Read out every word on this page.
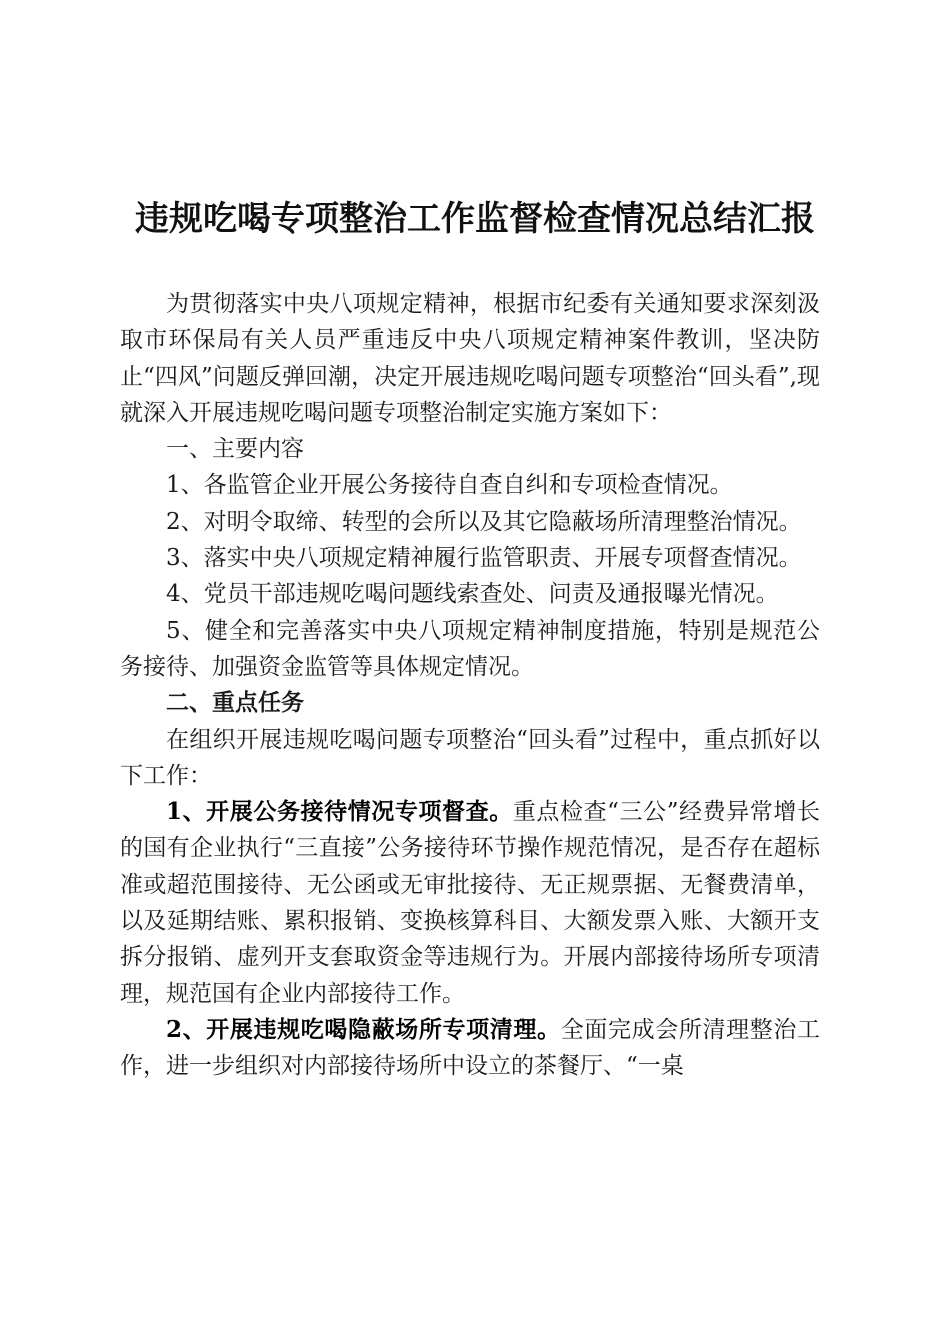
违规吃喝专项整治工作监督检查情况总结汇报

为贯彻落实中央八项规定精神，根据市纪委有关通知要求深刻汲取市环保局有关人员严重违反中央八项规定精神案件教训，坚决防止“四风”问题反弹回潮，决定开展违规吃喝问题专项整治“回头看”,现就深入开展违规吃喝问题专项整治制定实施方案如下：

一、主要内容

1、各监管企业开展公务接待自查自纠和专项检查情况。

2、对明令取缔、转型的会所以及其它隐蔽场所清理整治情况。

3、落实中央八项规定精神履行监管职责、开展专项督查情况。

4、党员干部违规吃喝问题线索查处、问责及通报曝光情况。

5、健全和完善落实中央八项规定精神制度措施，特别是规范公务接待、加强资金监管等具体规定情况。

二、重点任务

在组织开展违规吃喝问题专项整治“回头看”过程中，重点抓好以下工作：

1、开展公务接待情况专项督查。重点检查“三公”经费异常增长的国有企业执行“三直接”公务接待环节操作规范情况，是否存在超标准或超范围接待、无公函或无审批接待、无正规票据、无餐费清单，以及延期结账、累积报销、变换核算科目、大额发票入账、大额开支拆分报销、虚列开支套取资金等违规行为。开展内部接待场所专项清理，规范国有企业内部接待工作。

2、开展违规吃喝隐蔽场所专项清理。全面完成会所清理整治工作，进一步组织对内部接待场所中设立的茶餐厅、“一桌
